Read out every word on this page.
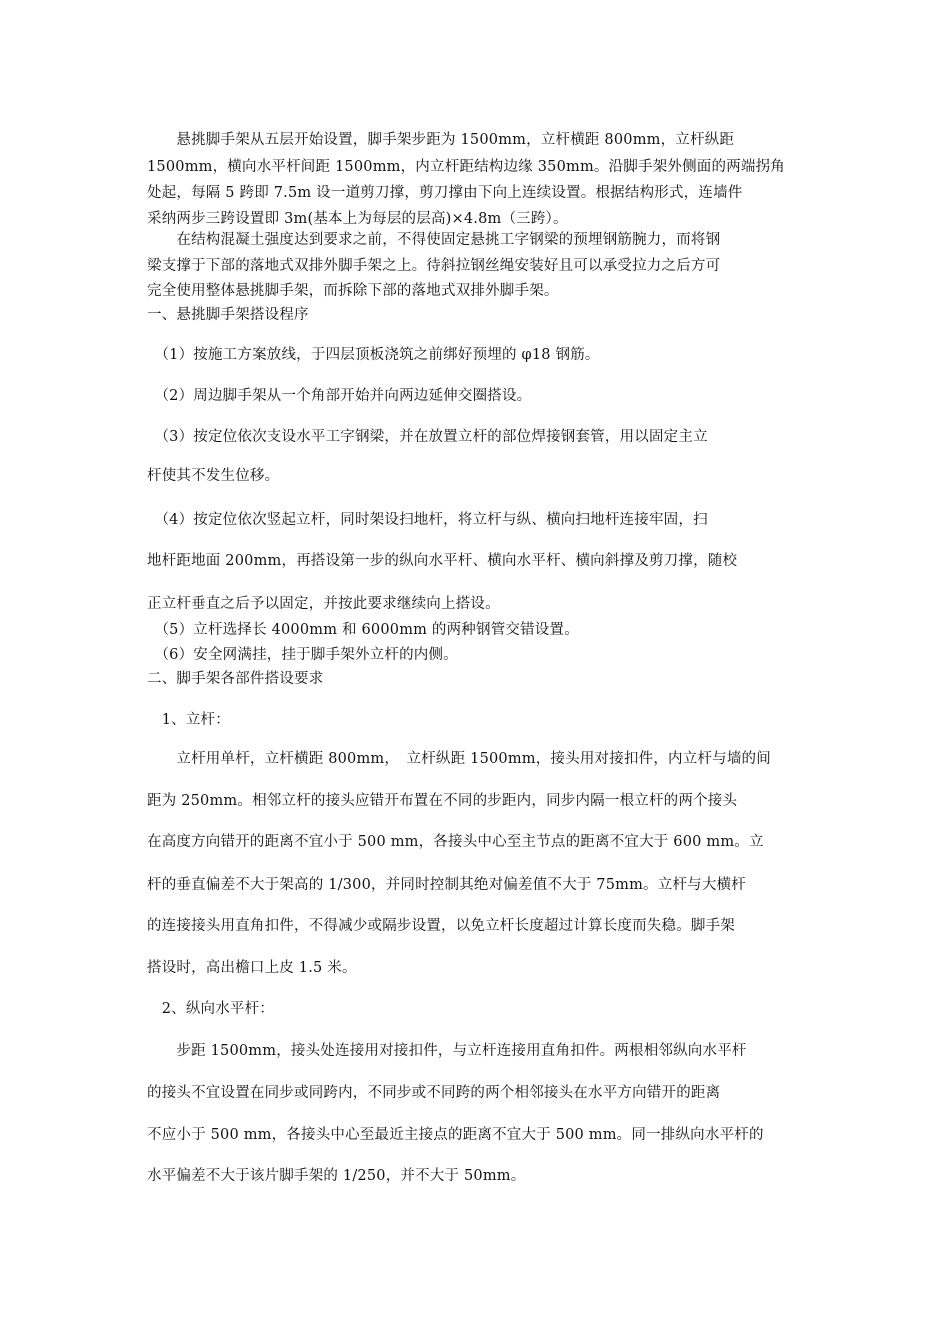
　　悬挑脚手架从五层开始设置，脚手架步距为 1500mm，立杆横距 800mm，立杆纵距
1500mm，横向水平杆间距 1500mm，内立杆距结构边缘 350mm。沿脚手架外侧面的两端拐角
处起，每隔 5 跨即 7.5m 设一道剪刀撑，剪刀撑由下向上连续设置。根据结构形式，连墙件
采纳两步三跨设置即 3m(基本上为每层的层高)×4.8m（三跨）。
　　在结构混凝土强度达到要求之前，不得使固定悬挑工字钢梁的预埋钢筋腕力，而将钢
梁支撑于下部的落地式双排外脚手架之上。待斜拉钢丝绳安装好且可以承受拉力之后方可
完全使用整体悬挑脚手架，而拆除下部的落地式双排外脚手架。
一、悬挑脚手架搭设程序
　（1）按施工方案放线，于四层顶板浇筑之前绑好预埋的 φ18 钢筋。
　（2）周边脚手架从一个角部开始并向两边延伸交圈搭设。
　（3）按定位依次支设水平工字钢梁，并在放置立杆的部位焊接钢套管，用以固定主立
杆使其不发生位移。
　（4）按定位依次竖起立杆，同时架设扫地杆，将立杆与纵、横向扫地杆连接牢固，扫
地杆距地面 200mm，再搭设第一步的纵向水平杆、横向水平杆、横向斜撑及剪刀撑，随校
正立杆垂直之后予以固定，并按此要求继续向上搭设。
　（5）立杆选择长 4000mm 和 6000mm 的两种钢管交错设置。
　（6）安全网满挂，挂于脚手架外立杆的内侧。
二、脚手架各部件搭设要求
　1、立杆：
　　立杆用单杆，立杆横距 800mm，　立杆纵距 1500mm，接头用对接扣件，内立杆与墙的间
距为 250mm。相邻立杆的接头应错开布置在不同的步距内，同步内隔一根立杆的两个接头
在高度方向错开的距离不宜小于 500 mm，各接头中心至主节点的距离不宜大于 600 mm。立
杆的垂直偏差不大于架高的 1/300，并同时控制其绝对偏差值不大于 75mm。立杆与大横杆
的连接接头用直角扣件，不得减少或隔步设置，以免立杆长度超过计算长度而失稳。脚手架
搭设时，高出檐口上皮 1.5 米。
　2、纵向水平杆：
　　步距 1500mm，接头处连接用对接扣件，与立杆连接用直角扣件。两根相邻纵向水平杆
的接头不宜设置在同步或同跨内，不同步或不同跨的两个相邻接头在水平方向错开的距离
不应小于 500 mm，各接头中心至最近主接点的距离不宜大于 500 mm。同一排纵向水平杆的
水平偏差不大于该片脚手架的 1/250，并不大于 50mm。
